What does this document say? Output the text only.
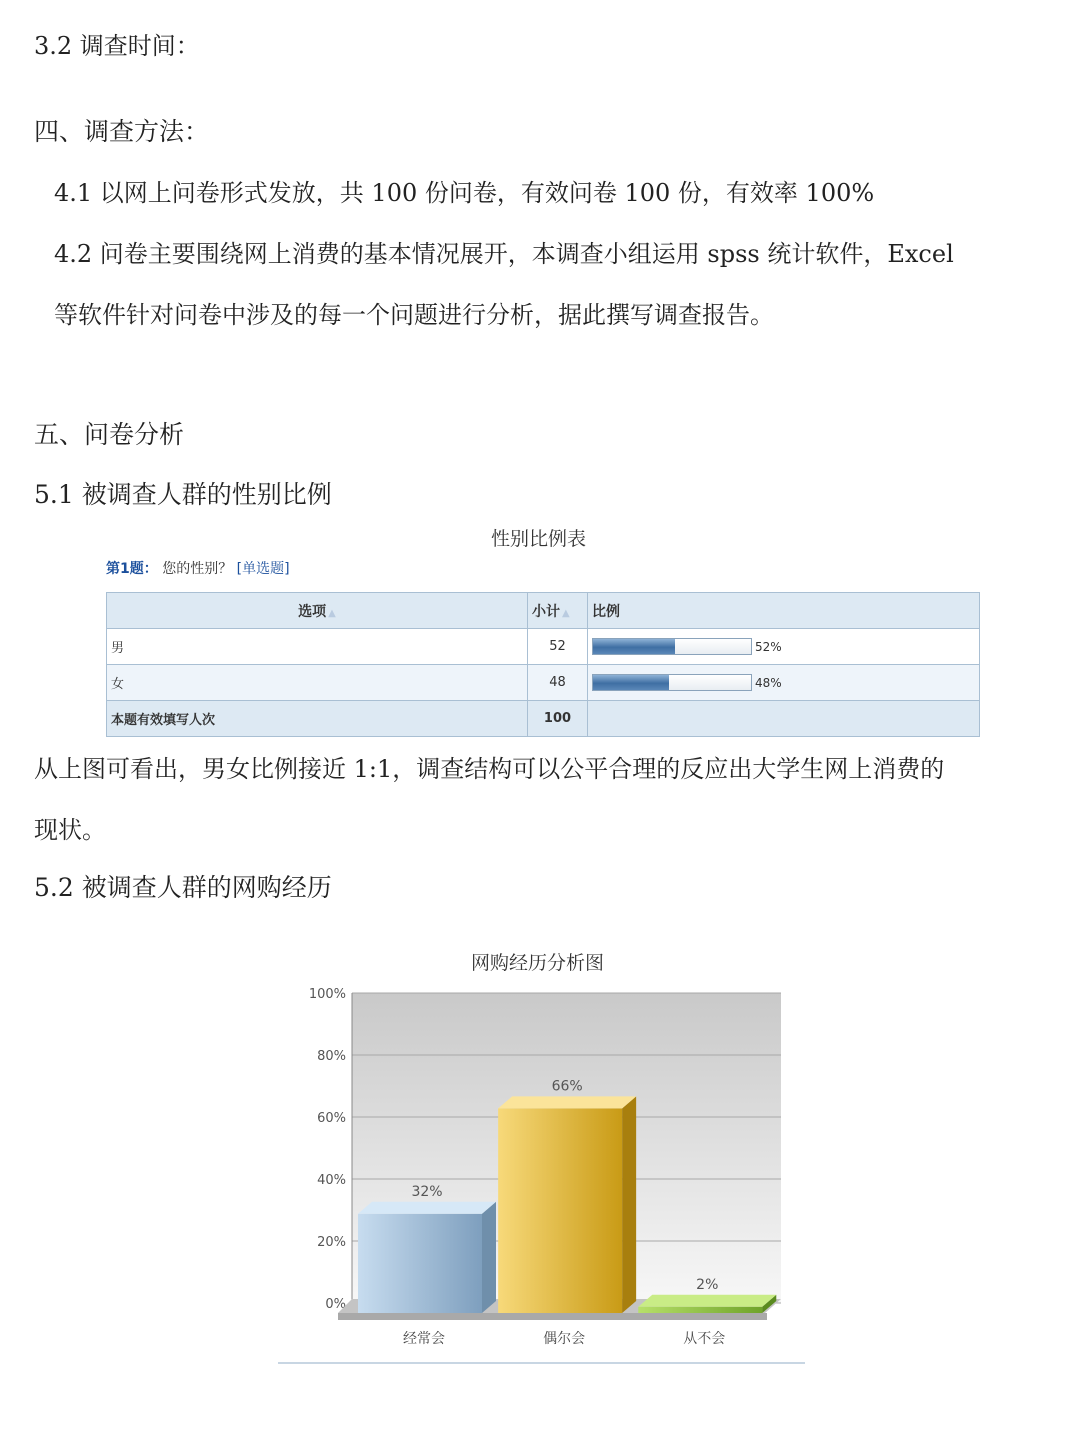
3.2 调查时间：
四、调查方法：
4.1 以网上问卷形式发放，共 100 份问卷，有效问卷 100 份，有效率 100%
4.2 问卷主要围绕网上消费的基本情况展开，本调查小组运用 spss 统计软件，Excel
等软件针对问卷中涉及的每一个问题进行分析，据此撰写调查报告。
五、问卷分析
5.1 被调查人群的性别比例
性别比例表
第1题： 您的性别？ [单选题]
选项 ▲	小计 ▲	比例
男	52	52%
女	48	48%
本题有效填写人次	100	
从上图可看出，男女比例接近 1:1，调查结构可以公平合理的反应出大学生网上消费的
现状。
5.2 被调查人群的网购经历
网购经历分析图
0%
20%
40%
60%
80%
100%
32%
经常会
66%
偶尔会
2%
从不会
